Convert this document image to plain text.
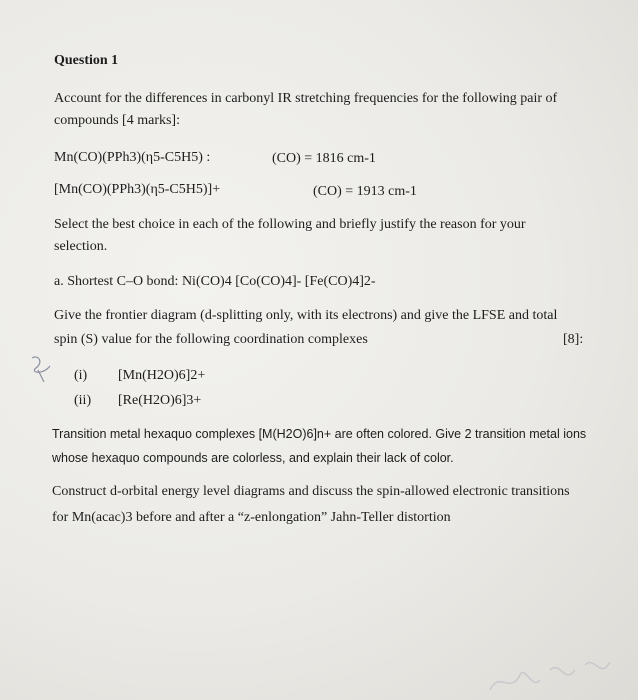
Question 1
Account for the differences in carbonyl IR stretching frequencies for the following pair of
compounds [4 marks]:
Mn(CO)(PPh3)(η5-C5H5) :	(CO) = 1816 cm-1
[Mn(CO)(PPh3)(η5-C5H5)]+	(CO) = 1913 cm-1
Select the best choice in each of the following and briefly justify the reason for your
selection.
a. Shortest C–O bond: Ni(CO)4 [Co(CO)4]- [Fe(CO)4]2-
Give the frontier diagram (d-splitting only, with its electrons) and give the LFSE and total
spin (S) value for the following coordination complexes	[8]:
(i) [Mn(H2O)6]2+
(ii) [Re(H2O)6]3+
Transition metal hexaquo complexes [M(H2O)6]n+ are often colored. Give 2 transition metal ions
whose hexaquo compounds are colorless, and explain their lack of color.
Construct d-orbital energy level diagrams and discuss the spin-allowed electronic transitions
for Mn(acac)3 before and after a “z-enlongation” Jahn-Teller distortion
